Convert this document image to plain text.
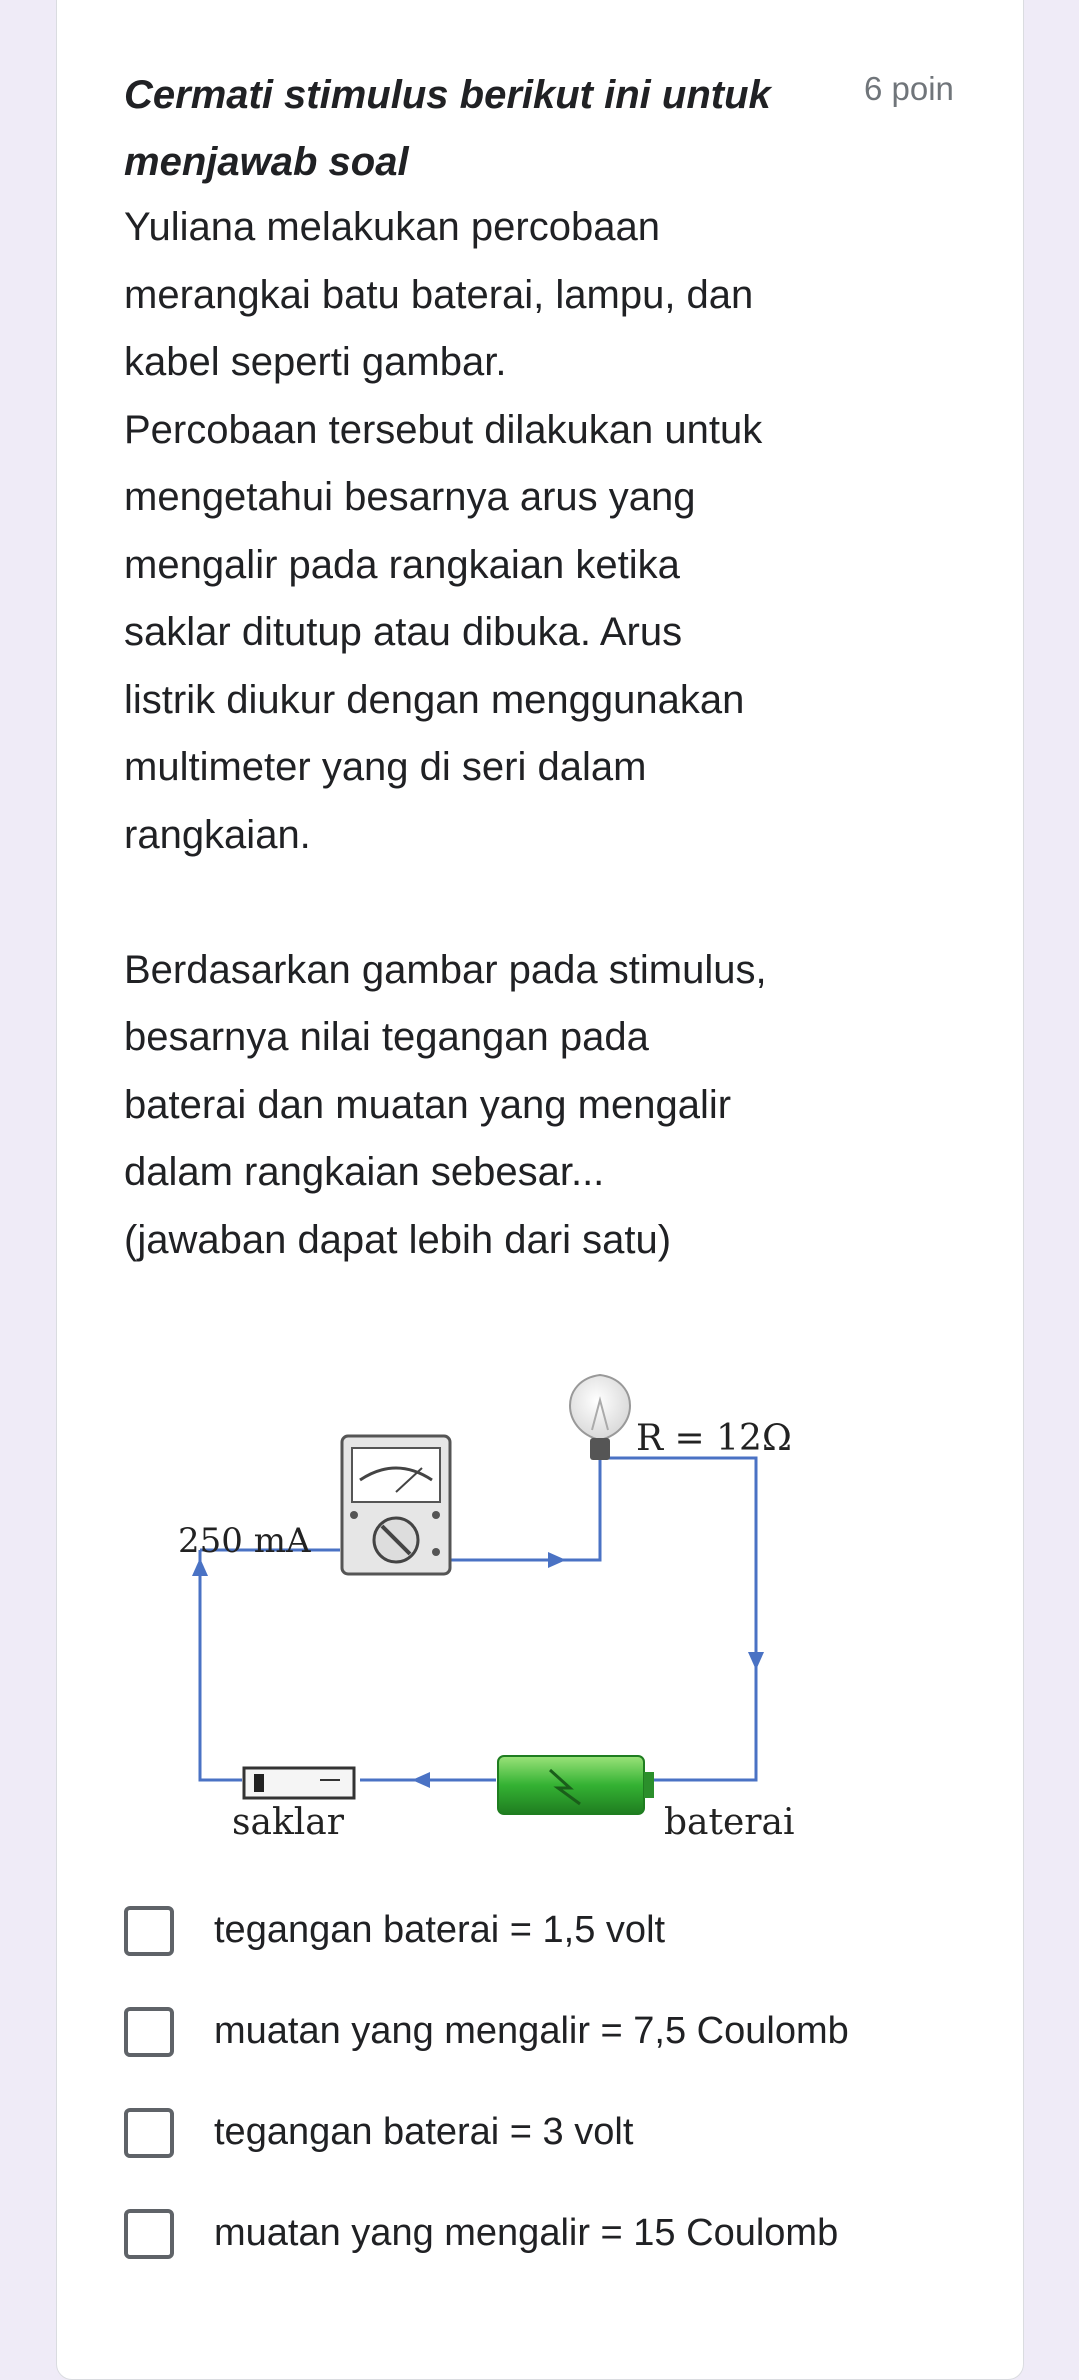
Cermati stimulus berikut ini untuk menjawab soal
6 poin

Yuliana melakukan percobaan
merangkai batu baterai, lampu, dan
kabel seperti gambar.
Percobaan tersebut dilakukan untuk
mengetahui besarnya arus yang
mengalir pada rangkaian ketika
saklar ditutup atau dibuka. Arus
listrik diukur dengan menggunakan
multimeter yang di seri dalam
rangkaian.

Berdasarkan gambar pada stimulus,
besarnya nilai tegangan pada
baterai dan muatan yang mengalir
dalam rangkaian sebesar...
(jawaban dapat lebih dari satu)

R = 12Ω
250 mA
saklar	baterai
tegangan baterai = 1,5 volt
muatan yang mengalir = 7,5 Coulomb
tegangan baterai = 3 volt
muatan yang mengalir = 15 Coulomb
